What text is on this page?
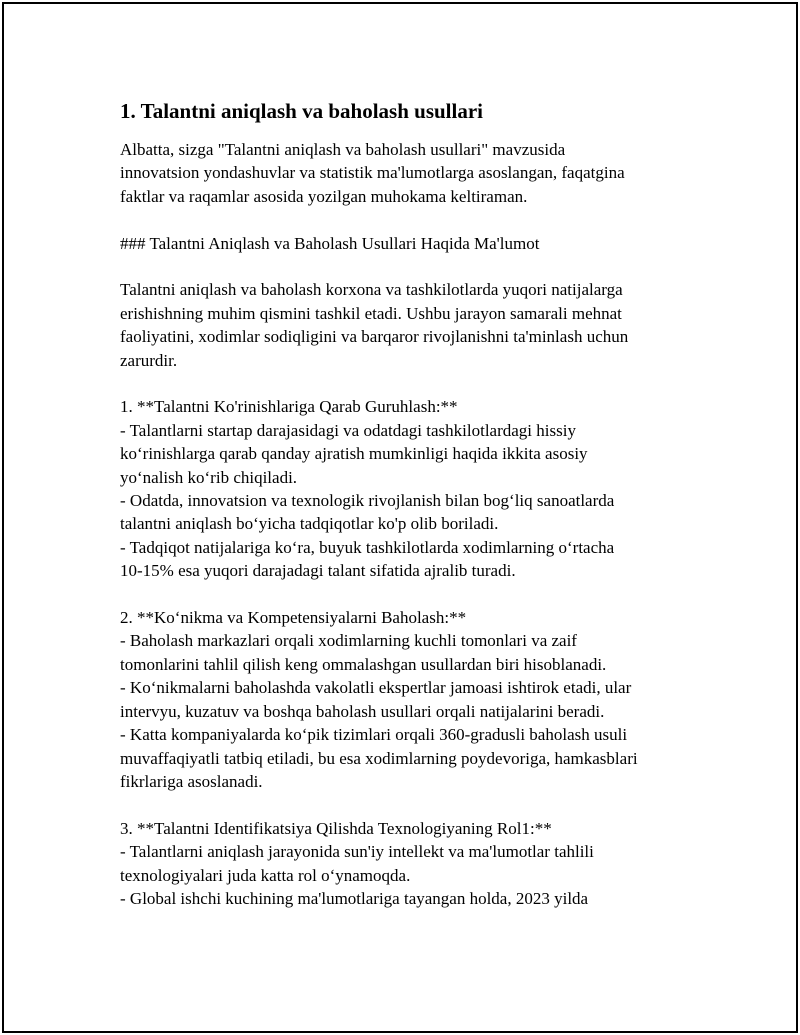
1. Talantni aniqlash va baholash usullari

Albatta, sizga "Talantni aniqlash va baholash usullari" mavzusida
innovatsion yondashuvlar va statistik ma'lumotlarga asoslangan, faqatgina
faktlar va raqamlar asosida yozilgan muhokama keltiraman.

### Talantni Aniqlash va Baholash Usullari Haqida Ma'lumot

Talantni aniqlash va baholash korxona va tashkilotlarda yuqori natijalarga
erishishning muhim qismini tashkil etadi. Ushbu jarayon samarali mehnat
faoliyatini, xodimlar sodiqligini va barqaror rivojlanishni ta'minlash uchun
zarurdir.

1. **Talantni Ko'rinishlariga Qarab Guruhlash:**
- Talantlarni startap darajasidagi va odatdagi tashkilotlardagi hissiy
ko‘rinishlarga qarab qanday ajratish mumkinligi haqida ikkita asosiy
yo‘nalish ko‘rib chiqiladi.
- Odatda, innovatsion va texnologik rivojlanish bilan bog‘liq sanoatlarda
talantni aniqlash bo‘yicha tadqiqotlar ko'p olib boriladi.
- Tadqiqot natijalariga ko‘ra, buyuk tashkilotlarda xodimlarning o‘rtacha
10-15% esa yuqori darajadagi talant sifatida ajralib turadi.

2. **Ko‘nikma va Kompetensiyalarni Baholash:**
- Baholash markazlari orqali xodimlarning kuchli tomonlari va zaif
tomonlarini tahlil qilish keng ommalashgan usullardan biri hisoblanadi.
- Ko‘nikmalarni baholashda vakolatli ekspertlar jamoasi ishtirok etadi, ular
intervyu, kuzatuv va boshqa baholash usullari orqali natijalarini beradi.
- Katta kompaniyalarda ko‘pik tizimlari orqali 360-gradusli baholash usuli
muvaffaqiyatli tatbiq etiladi, bu esa xodimlarning poydevoriga, hamkasblari
fikrlariga asoslanadi.

3. **Talantni Identifikatsiya Qilishda Texnologiyaning Rol1:**
- Talantlarni aniqlash jarayonida sun'iy intellekt va ma'lumotlar tahlili
texnologiyalari juda katta rol o‘ynamoqda.
- Global ishchi kuchining ma'lumotlariga tayangan holda, 2023 yilda
